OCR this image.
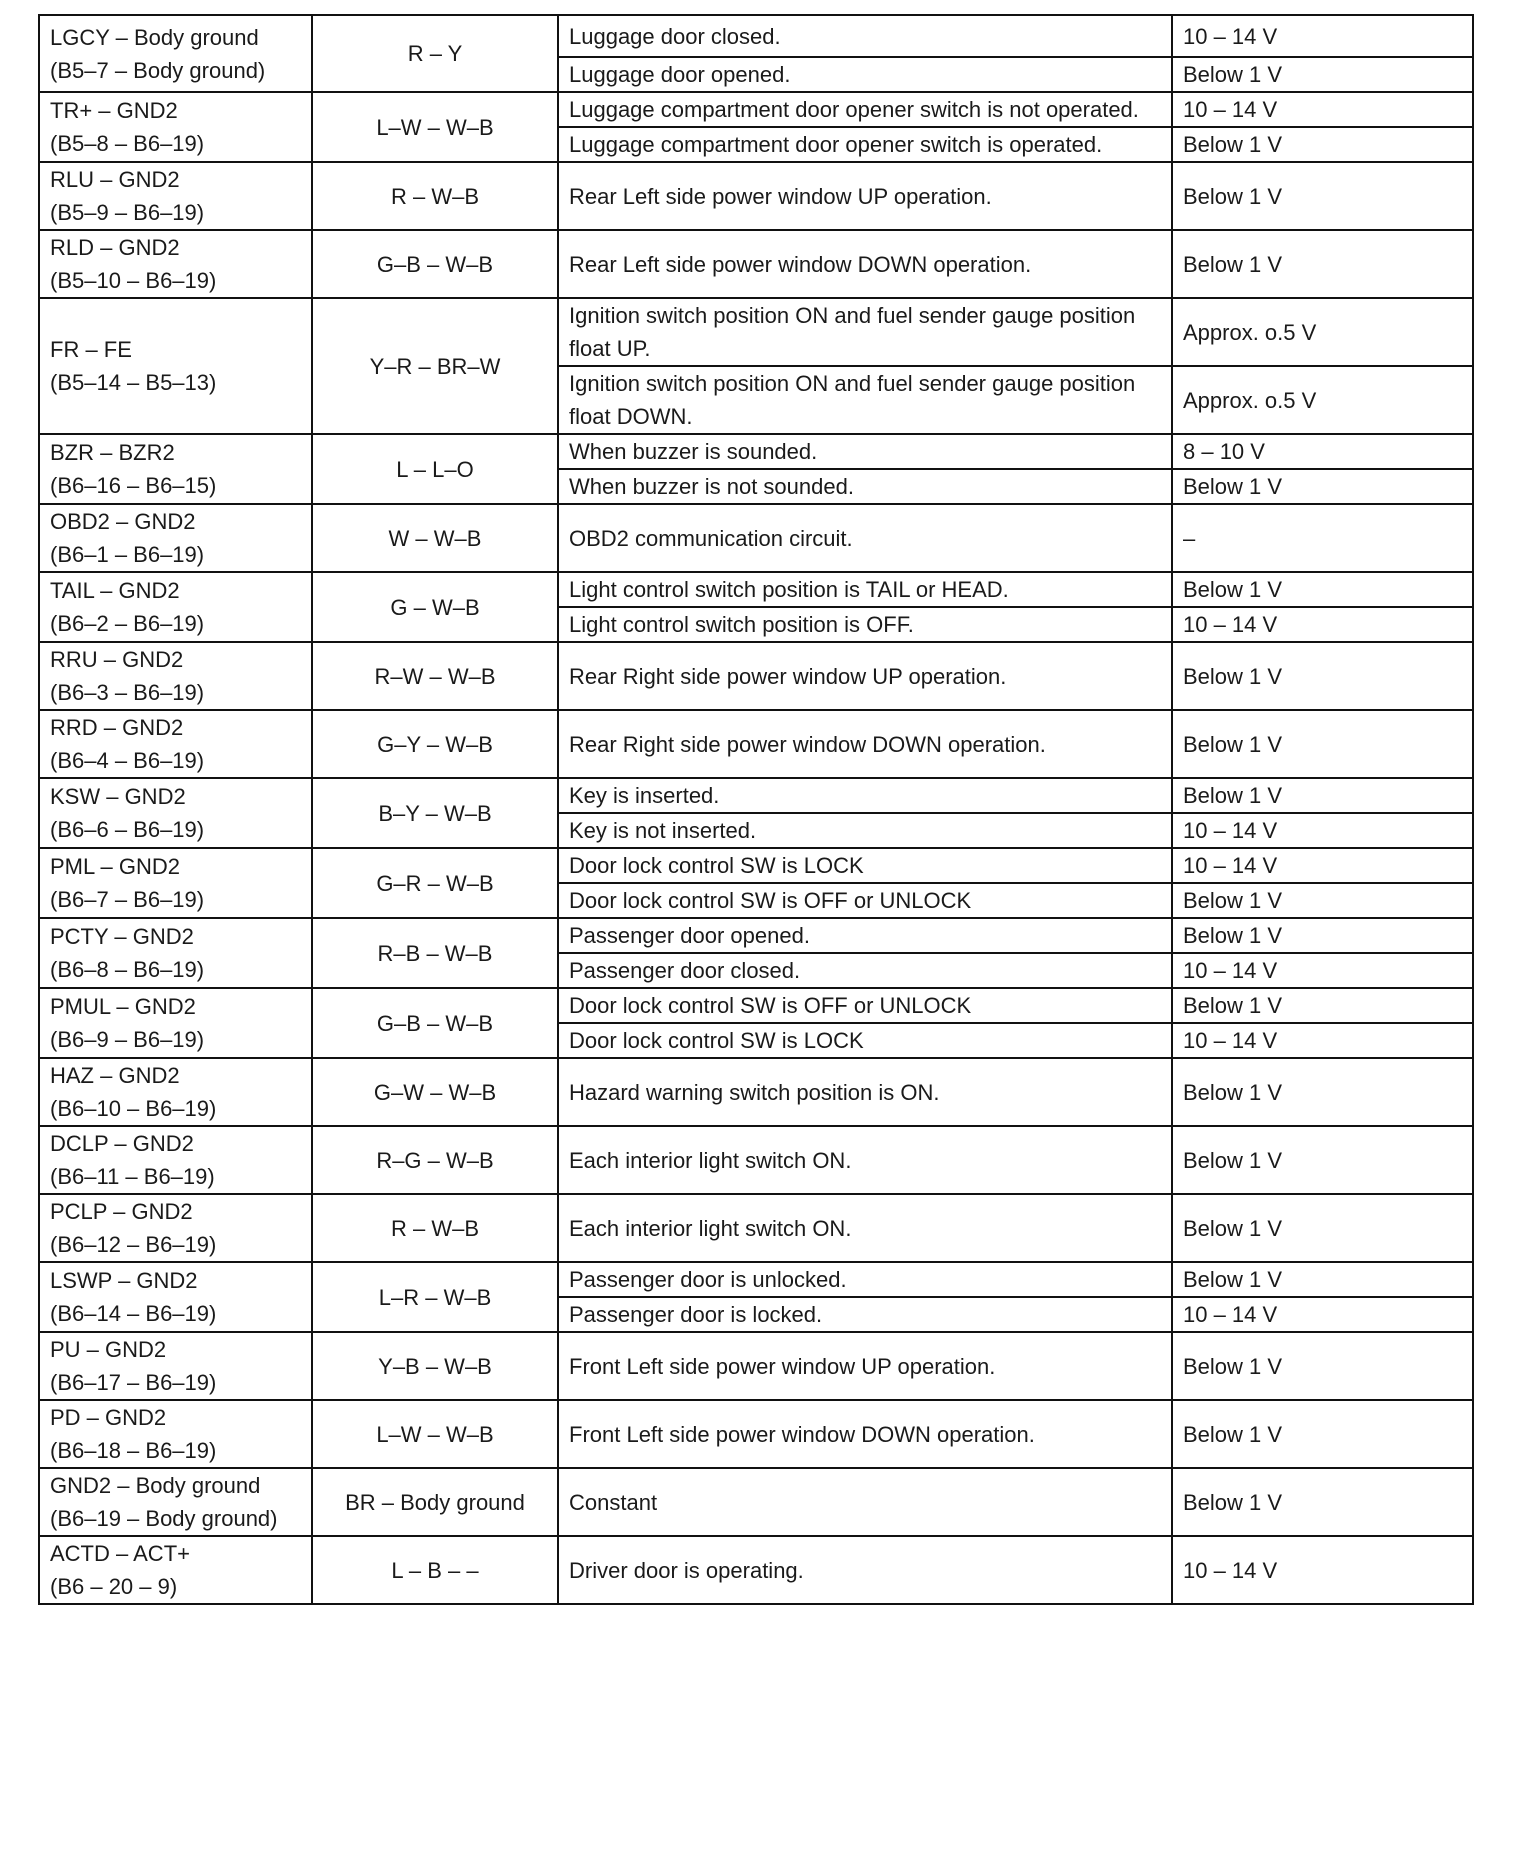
LGCY – Body ground
(B5–7 – Body ground)	R – Y	Luggage door closed.	10 – 14 V
		Luggage door opened.	Below 1 V
TR+ – GND2
(B5–8 – B6–19)	L–W – W–B	Luggage compartment door opener switch is not operated.	10 – 14 V
		Luggage compartment door opener switch is operated.	Below 1 V
RLU – GND2
(B5–9 – B6–19)	R – W–B	Rear Left side power window UP operation.	Below 1 V
RLD – GND2
(B5–10 – B6–19)	G–B – W–B	Rear Left side power window DOWN operation.	Below 1 V
FR – FE
(B5–14 – B5–13)	Y–R – BR–W	Ignition switch position ON and fuel sender gauge position float UP.	Approx. o.5 V
		Ignition switch position ON and fuel sender gauge position float DOWN.	Approx. o.5 V
BZR – BZR2
(B6–16 – B6–15)	L – L–O	When buzzer is sounded.	8 – 10 V
		When buzzer is not sounded.	Below 1 V
OBD2 – GND2
(B6–1 – B6–19)	W – W–B	OBD2 communication circuit.	–
TAIL – GND2
(B6–2 – B6–19)	G – W–B	Light control switch position is TAIL or HEAD.	Below 1 V
		Light control switch position is OFF.	10 – 14 V
RRU – GND2
(B6–3 – B6–19)	R–W – W–B	Rear Right side power window UP operation.	Below 1 V
RRD – GND2
(B6–4 – B6–19)	G–Y – W–B	Rear Right side power window DOWN operation.	Below 1 V
KSW – GND2
(B6–6 – B6–19)	B–Y – W–B	Key is inserted.	Below 1 V
		Key is not inserted.	10 – 14 V
PML – GND2
(B6–7 – B6–19)	G–R – W–B	Door lock control SW is LOCK	10 – 14 V
		Door lock control SW is OFF or UNLOCK	Below 1 V
PCTY – GND2
(B6–8 – B6–19)	R–B – W–B	Passenger door opened.	Below 1 V
		Passenger door closed.	10 – 14 V
PMUL – GND2
(B6–9 – B6–19)	G–B – W–B	Door lock control SW is OFF or UNLOCK	Below 1 V
		Door lock control SW is LOCK	10 – 14 V
HAZ – GND2
(B6–10 – B6–19)	G–W – W–B	Hazard warning switch position is ON.	Below 1 V
DCLP – GND2
(B6–11 – B6–19)	R–G – W–B	Each interior light switch ON.	Below 1 V
PCLP – GND2
(B6–12 – B6–19)	R – W–B	Each interior light switch ON.	Below 1 V
LSWP – GND2
(B6–14 – B6–19)	L–R – W–B	Passenger door is unlocked.	Below 1 V
		Passenger door is locked.	10 – 14 V
PU – GND2
(B6–17 – B6–19)	Y–B – W–B	Front Left side power window UP operation.	Below 1 V
PD – GND2
(B6–18 – B6–19)	L–W – W–B	Front Left side power window DOWN operation.	Below 1 V
GND2 – Body ground
(B6–19 – Body ground)	BR – Body ground	Constant	Below 1 V
ACTD – ACT+
(B6 – 20 – 9)	L – B – –	Driver door is operating.	10 – 14 V
